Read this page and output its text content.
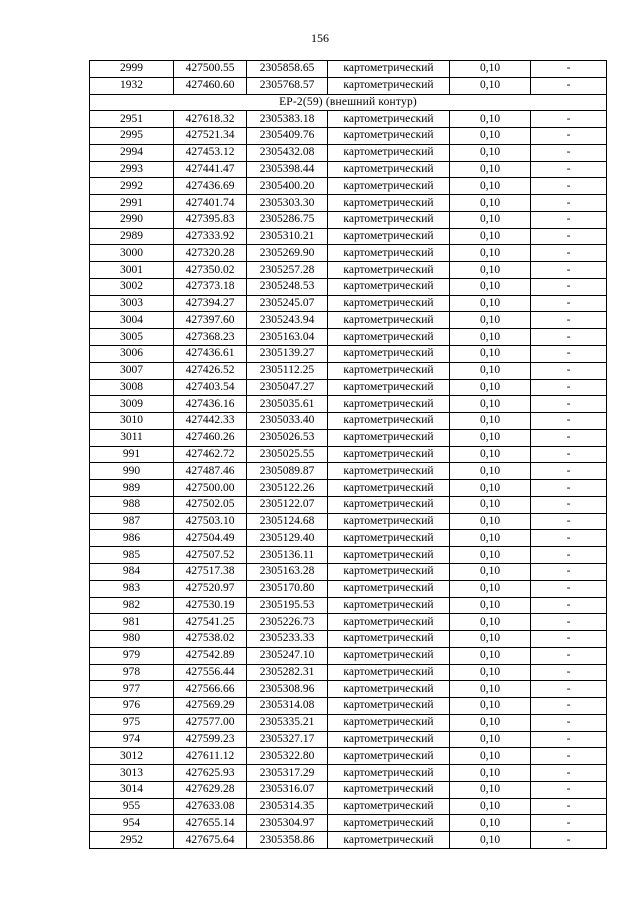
156
2999	427500.55	2305858.65	картометрический	0,10	-
1932	427460.60	2305768.57	картометрический	0,10	-
ЕР-2(59) (внешний контур)					
2951	427618.32	2305383.18	картометрический	0,10	-
2995	427521.34	2305409.76	картометрический	0,10	-
2994	427453.12	2305432.08	картометрический	0,10	-
2993	427441.47	2305398.44	картометрический	0,10	-
2992	427436.69	2305400.20	картометрический	0,10	-
2991	427401.74	2305303.30	картометрический	0,10	-
2990	427395.83	2305286.75	картометрический	0,10	-
2989	427333.92	2305310.21	картометрический	0,10	-
3000	427320.28	2305269.90	картометрический	0,10	-
3001	427350.02	2305257.28	картометрический	0,10	-
3002	427373.18	2305248.53	картометрический	0,10	-
3003	427394.27	2305245.07	картометрический	0,10	-
3004	427397.60	2305243.94	картометрический	0,10	-
3005	427368.23	2305163.04	картометрический	0,10	-
3006	427436.61	2305139.27	картометрический	0,10	-
3007	427426.52	2305112.25	картометрический	0,10	-
3008	427403.54	2305047.27	картометрический	0,10	-
3009	427436.16	2305035.61	картометрический	0,10	-
3010	427442.33	2305033.40	картометрический	0,10	-
3011	427460.26	2305026.53	картометрический	0,10	-
991	427462.72	2305025.55	картометрический	0,10	-
990	427487.46	2305089.87	картометрический	0,10	-
989	427500.00	2305122.26	картометрический	0,10	-
988	427502.05	2305122.07	картометрический	0,10	-
987	427503.10	2305124.68	картометрический	0,10	-
986	427504.49	2305129.40	картометрический	0,10	-
985	427507.52	2305136.11	картометрический	0,10	-
984	427517.38	2305163.28	картометрический	0,10	-
983	427520.97	2305170.80	картометрический	0,10	-
982	427530.19	2305195.53	картометрический	0,10	-
981	427541.25	2305226.73	картометрический	0,10	-
980	427538.02	2305233.33	картометрический	0,10	-
979	427542.89	2305247.10	картометрический	0,10	-
978	427556.44	2305282.31	картометрический	0,10	-
977	427566.66	2305308.96	картометрический	0,10	-
976	427569.29	2305314.08	картометрический	0,10	-
975	427577.00	2305335.21	картометрический	0,10	-
974	427599.23	2305327.17	картометрический	0,10	-
3012	427611.12	2305322.80	картометрический	0,10	-
3013	427625.93	2305317.29	картометрический	0,10	-
3014	427629.28	2305316.07	картометрический	0,10	-
955	427633.08	2305314.35	картометрический	0,10	-
954	427655.14	2305304.97	картометрический	0,10	-
2952	427675.64	2305358.86	картометрический	0,10	-
